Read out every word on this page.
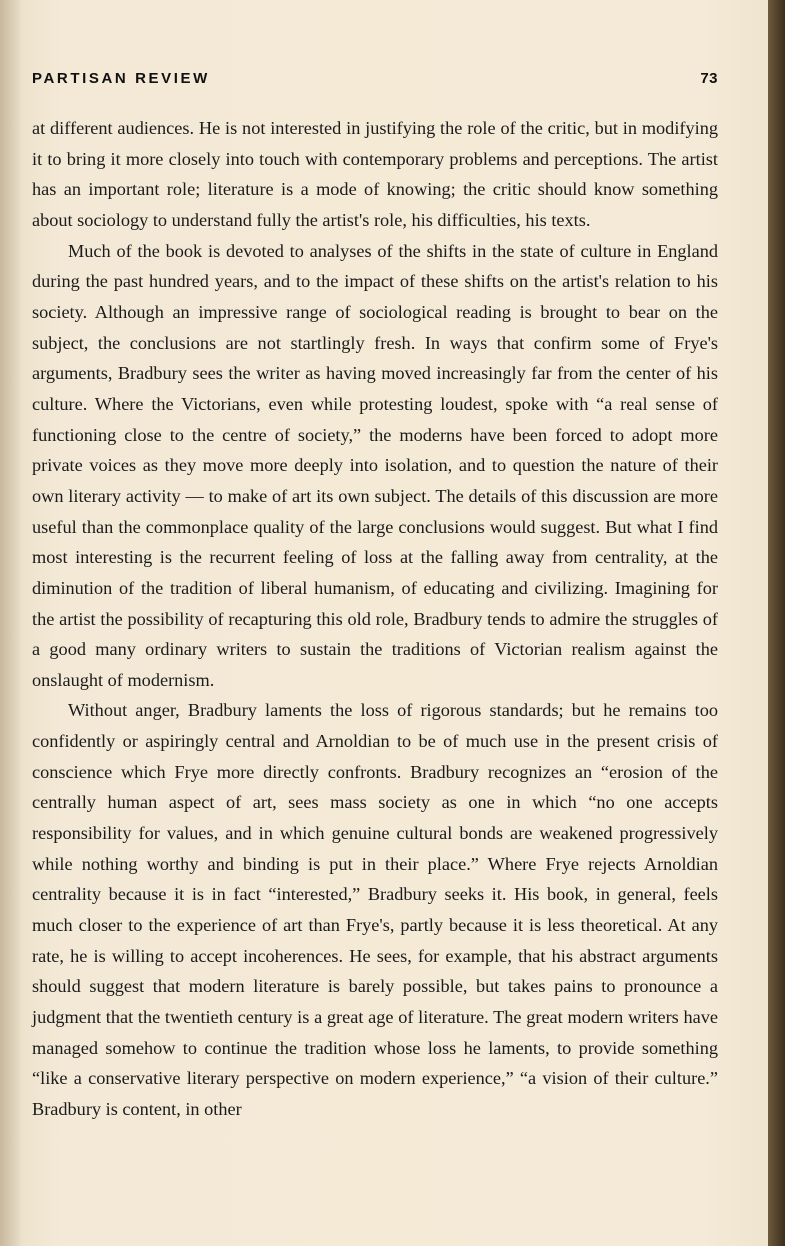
PARTISAN REVIEW	73

at different audiences. He is not interested in justifying the role of the critic, but in modifying it to bring it more closely into touch with contemporary problems and perceptions. The artist has an important role; literature is a mode of knowing; the critic should know something about sociology to understand fully the artist's role, his difficulties, his texts.

Much of the book is devoted to analyses of the shifts in the state of culture in England during the past hundred years, and to the impact of these shifts on the artist's relation to his society. Although an impressive range of sociological reading is brought to bear on the subject, the conclusions are not startlingly fresh. In ways that confirm some of Frye's arguments, Bradbury sees the writer as having moved increasingly far from the center of his culture. Where the Victorians, even while protesting loudest, spoke with “a real sense of functioning close to the centre of society,” the moderns have been forced to adopt more private voices as they move more deeply into isolation, and to question the nature of their own literary activity — to make of art its own subject. The details of this discussion are more useful than the commonplace quality of the large conclusions would suggest. But what I find most interesting is the recurrent feeling of loss at the falling away from centrality, at the diminution of the tradition of liberal humanism, of educating and civilizing. Imagining for the artist the possibility of recapturing this old role, Bradbury tends to admire the struggles of a good many ordinary writers to sustain the traditions of Victorian realism against the onslaught of modernism.

Without anger, Bradbury laments the loss of rigorous standards; but he remains too confidently or aspiringly central and Arnoldian to be of much use in the present crisis of conscience which Frye more directly confronts. Bradbury recognizes an “erosion of the centrally human aspect of art, sees mass society as one in which “no one accepts responsibility for values, and in which genuine cultural bonds are weakened progressively while nothing worthy and binding is put in their place.” Where Frye rejects Arnoldian centrality because it is in fact “interested,” Bradbury seeks it. His book, in general, feels much closer to the experience of art than Frye's, partly because it is less theoretical. At any rate, he is willing to accept incoherences. He sees, for example, that his abstract arguments should suggest that modern literature is barely possible, but takes pains to pronounce a judgment that the twentieth century is a great age of literature. The great modern writers have managed somehow to continue the tradition whose loss he laments, to provide something “like a conservative literary perspective on modern experience,” “a vision of their culture.” Bradbury is content, in other
